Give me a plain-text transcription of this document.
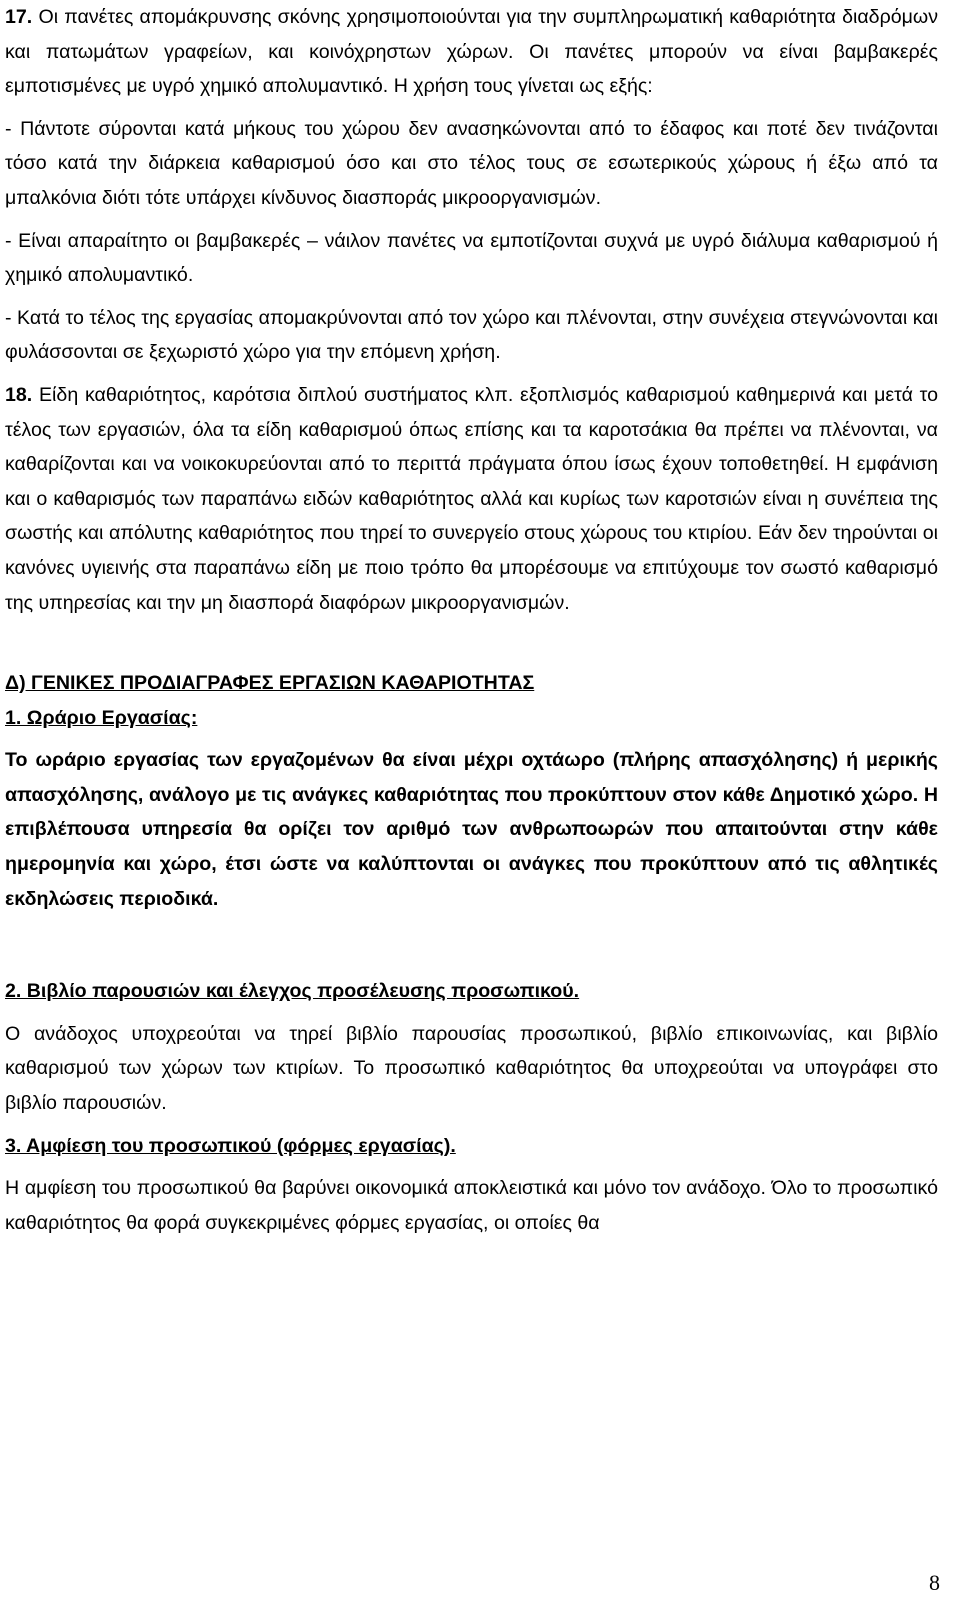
17. Οι πανέτες απομάκρυνσης σκόνης χρησιμοποιούνται για την συμπληρωματική καθαριότητα διαδρόμων και πατωμάτων γραφείων, και κοινόχρηστων χώρων. Οι πανέτες μπορούν να είναι βαμβακερές εμποτισμένες με υγρό χημικό απολυμαντικό. Η χρήση τους γίνεται ως εξής:

- Πάντοτε σύρονται κατά μήκους του χώρου δεν ανασηκώνονται από το έδαφος και ποτέ δεν τινάζονται τόσο κατά την διάρκεια καθαρισμού όσο και στο τέλος τους σε εσωτερικούς χώρους ή έξω από τα μπαλκόνια διότι τότε υπάρχει κίνδυνος διασποράς μικροοργανισμών.

- Είναι απαραίτητο οι βαμβακερές – νάιλον πανέτες να εμποτίζονται συχνά με υγρό διάλυμα καθαρισμού ή χημικό απολυμαντικό.

- Κατά το τέλος της εργασίας απομακρύνονται από τον χώρο και πλένονται, στην συνέχεια στεγνώνονται και φυλάσσονται σε ξεχωριστό χώρο για την επόμενη χρήση.

18. Είδη καθαριότητος, καρότσια διπλού συστήματος κλπ. εξοπλισμός καθαρισμού καθημερινά και μετά το τέλος των εργασιών, όλα τα είδη καθαρισμού όπως επίσης και τα καροτσάκια θα πρέπει να πλένονται, να καθαρίζονται και να νοικοκυρεύονται από το περιττά πράγματα όπου ίσως έχουν τοποθετηθεί. Η εμφάνιση και ο καθαρισμός των παραπάνω ειδών καθαριότητος αλλά και κυρίως των καροτσιών είναι η συνέπεια της σωστής και απόλυτης καθαριότητος που τηρεί το συνεργείο στους χώρους του κτιρίου. Εάν δεν τηρούνται οι κανόνες υγιεινής στα παραπάνω είδη με ποιο τρόπο θα μπορέσουμε να επιτύχουμε τον σωστό καθαρισμό της υπηρεσίας και την μη διασπορά διαφόρων μικροοργανισμών.

Δ) ΓΕΝΙΚΕΣ ΠΡΟΔΙΑΓΡΑΦΕΣ ΕΡΓΑΣΙΩΝ ΚΑΘΑΡΙΟΤΗΤΑΣ

1. Ωράριο Εργασίας:

Το ωράριο εργασίας των εργαζομένων θα είναι μέχρι οχτάωρο (πλήρης απασχόλησης) ή μερικής απασχόλησης, ανάλογο με τις ανάγκες καθαριότητας που προκύπτουν στον κάθε Δημοτικό χώρο. Η επιβλέπουσα υπηρεσία θα ορίζει τον αριθμό των ανθρωποωρών που απαιτούνται στην κάθε ημερομηνία και χώρο, έτσι ώστε να καλύπτονται οι ανάγκες που προκύπτουν από τις αθλητικές εκδηλώσεις περιοδικά.

2. Βιβλίο παρουσιών και έλεγχος προσέλευσης προσωπικού.

Ο ανάδοχος υποχρεούται να τηρεί βιβλίο παρουσίας προσωπικού, βιβλίο επικοινωνίας, και βιβλίο καθαρισμού των χώρων των κτιρίων. Το προσωπικό καθαριότητος θα υποχρεούται να υπογράφει στο βιβλίο παρουσιών.

3. Αμφίεση του προσωπικού (φόρμες εργασίας).

Η αμφίεση του προσωπικού θα βαρύνει οικονομικά αποκλειστικά και μόνο τον ανάδοχο. Όλο το προσωπικό καθαριότητος θα φορά συγκεκριμένες φόρμες εργασίας, οι οποίες θα

8
